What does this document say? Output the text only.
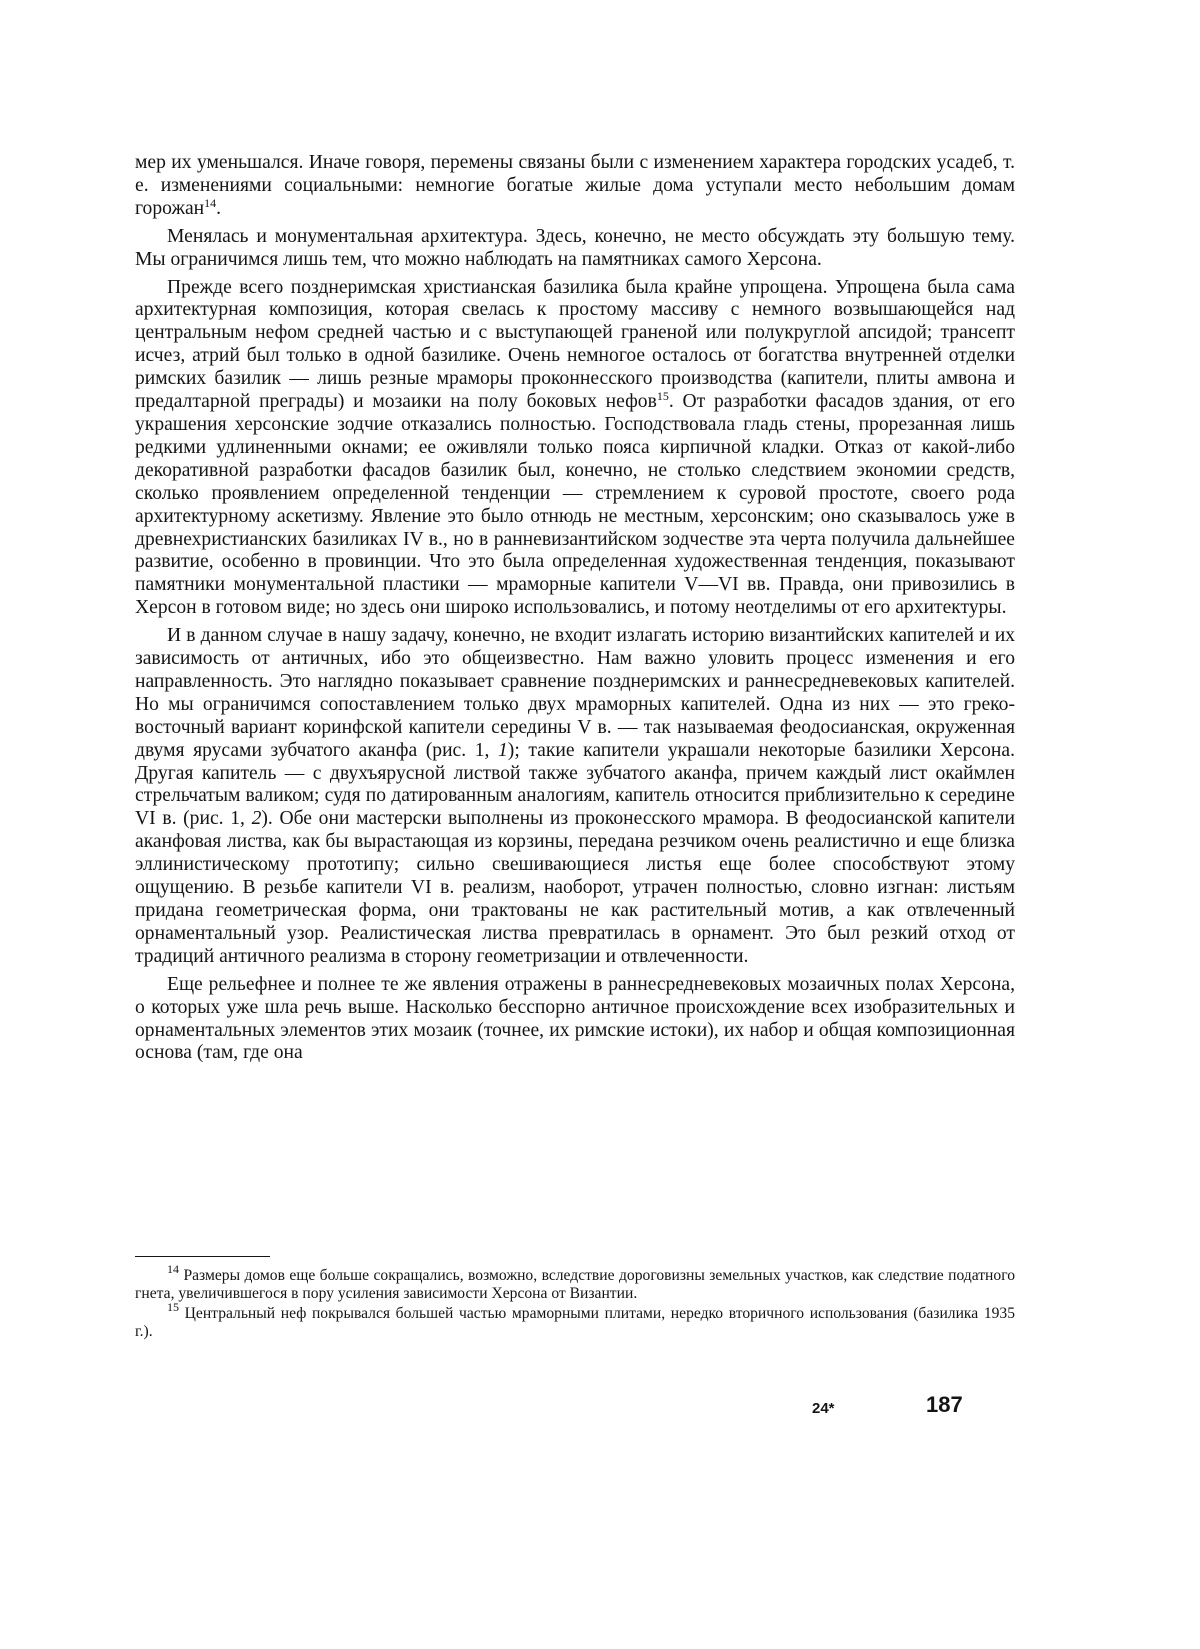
мер их уменьшался. Иначе говоря, перемены связаны были с изменением характера городских усадеб, т. е. изменениями социальными: немногие богатые жилые дома уступали место небольшим домам горожан$^{14}$.

Менялась и монументальная архитектура. Здесь, конечно, не место обсуждать эту большую тему. Мы ограничимся лишь тем, что можно наблюдать на памятниках самого Херсона.

Прежде всего позднеримская христианская базилика была крайне упрощена. Упрощена была сама архитектурная композиция, которая свелась к простому массиву с немного возвышающейся над центральным нефом средней частью и с выступающей граненой или полукруглой апсидой; трансепт исчез, атрий был только в одной базилике. Очень немногое осталось от богатства внутренней отделки римских базилик — лишь резные мраморы проконнесского производства (капители, плиты амвона и предалтарной преграды) и мозаики на полу боковых нефов$^{15}$. От разработки фасадов здания, от его украшения херсонские зодчие отказались полностью. Господствовала гладь стены, прорезанная лишь редкими удлиненными окнами; ее оживляли только пояса кирпичной кладки. Отказ от какой-либо декоративной разработки фасадов базилик был, конечно, не столько следствием экономии средств, сколько проявлением определенной тенденции — стремлением к суровой простоте, своего рода архитектурному аскетизму. Явление это было отнюдь не местным, херсонским; оно сказывалось уже в древнехристианских базиликах IV в., но в ранневизантийском зодчестве эта черта получила дальнейшее развитие, особенно в провинции. Что это была определенная художественная тенденция, показывают памятники монументальной пластики — мраморные капители V—VI вв. Правда, они привозились в Херсон в готовом виде; но здесь они широко использовались, и потому неотделимы от его архитектуры.

И в данном случае в нашу задачу, конечно, не входит излагать историю византийских капителей и их зависимость от античных, ибо это общеизвестно. Нам важно уловить процесс изменения и его направленность. Это наглядно показывает сравнение позднеримских и раннесредневековых капителей. Но мы ограничимся сопоставлением только двух мраморных капителей. Одна из них — это греко-восточный вариант коринфской капители середины V в. — так называемая феодосианская, окруженная двумя ярусами зубчатого аканфа (рис. 1, 1); такие капители украшали некоторые базилики Херсона. Другая капитель — с двухъярусной листвой также зубчатого аканфа, причем каждый лист окаймлен стрельчатым валиком; судя по датированным аналогиям, капитель относится приблизительно к середине VI в. (рис. 1, 2). Обе они мастерски выполнены из проконесского мрамора. В феодосианской капители аканфовая листва, как бы вырастающая из корзины, передана резчиком очень реалистично и еще близка эллинистическому прототипу; сильно свешивающиеся листья еще более способствуют этому ощущению. В резьбе капители VI в. реализм, наоборот, утрачен полностью, словно изгнан: листьям придана геометрическая форма, они трактованы не как растительный мотив, а как отвлеченный орнаментальный узор. Реалистическая листва превратилась в орнамент. Это был резкий отход от традиций античного реализма в сторону геометризации и отвлеченности.

Еще рельефнее и полнее те же явления отражены в раннесредневековых мозаичных полах Херсона, о которых уже шла речь выше. Насколько бесспорно античное происхождение всех изобразительных и орнаментальных элементов этих мозаик (точнее, их римские истоки), их набор и общая композиционная основа (там, где она

$^{14}$ Размеры домов еще больше сокращались, возможно, вследствие дороговизны земельных участков, как следствие податного гнета, увеличившегося в пору усиления зависимости Херсона от Византии.

$^{15}$ Центральный неф покрывался большей частью мраморными плитами, нередко вторичного использования (базилика 1935 г.).

24*	187
